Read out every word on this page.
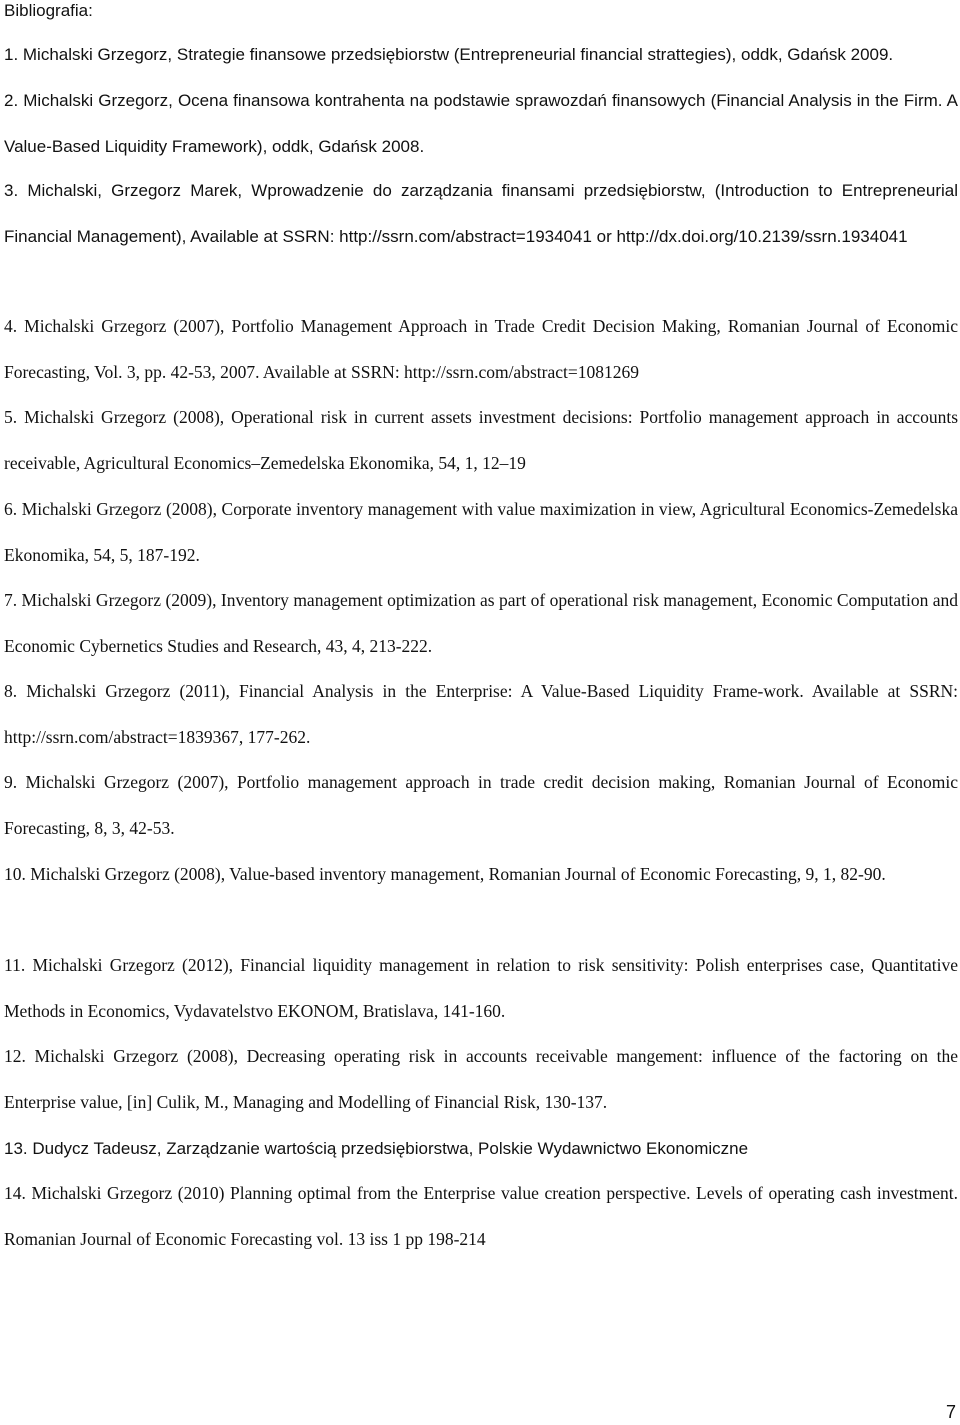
Bibliografia:
1. Michalski Grzegorz, Strategie finansowe przedsiębiorstw (Entrepreneurial financial strattegies), oddk, Gdańsk 2009.
2. Michalski Grzegorz, Ocena finansowa kontrahenta na podstawie sprawozdań finansowych (Financial Analysis in the Firm. A Value-Based Liquidity Framework), oddk, Gdańsk 2008.
3. Michalski, Grzegorz Marek, Wprowadzenie do zarządzania finansami przedsiębiorstw, (Introduction to Entrepreneurial Financial Management), Available at SSRN: http://ssrn.com/abstract=1934041 or http://dx.doi.org/10.2139/ssrn.1934041
4. Michalski Grzegorz (2007), Portfolio Management Approach in Trade Credit Decision Making, Romanian Journal of Economic Forecasting, Vol. 3, pp. 42-53, 2007. Available at SSRN: http://ssrn.com/abstract=1081269
5. Michalski Grzegorz (2008), Operational risk in current assets investment decisions: Portfolio management approach in accounts receivable, Agricultural Economics–Zemedelska Ekonomika, 54, 1, 12–19
6. Michalski Grzegorz (2008), Corporate inventory management with value maximization in view, Agricultural Economics-Zemedelska Ekonomika, 54, 5, 187-192.
7. Michalski Grzegorz (2009), Inventory management optimization as part of operational risk management, Economic Computation and Economic Cybernetics Studies and Research, 43, 4, 213-222.
8. Michalski Grzegorz (2011), Financial Analysis in the Enterprise: A Value-Based Liquidity Frame-work. Available at SSRN: http://ssrn.com/abstract=1839367, 177-262.
9. Michalski Grzegorz (2007), Portfolio management approach in trade credit decision making, Romanian Journal of Economic Forecasting, 8, 3, 42-53.
10. Michalski Grzegorz (2008), Value-based inventory management, Romanian Journal of Economic Forecasting, 9, 1, 82-90.
11. Michalski Grzegorz (2012), Financial liquidity management in relation to risk sensitivity: Polish enterprises case, Quantitative Methods in Economics, Vydavatelstvo EKONOM, Bratislava, 141-160.
12. Michalski Grzegorz (2008), Decreasing operating risk in accounts receivable mangement: influence of the factoring on the Enterprise value, [in] Culik, M., Managing and Modelling of Financial Risk, 130-137.
13. Dudycz Tadeusz, Zarządzanie wartością przedsiębiorstwa, Polskie Wydawnictwo Ekonomiczne
14. Michalski Grzegorz (2010) Planning optimal from the Enterprise value creation perspective. Levels of operating cash investment. Romanian Journal of Economic Forecasting vol. 13 iss 1 pp 198-214
7
